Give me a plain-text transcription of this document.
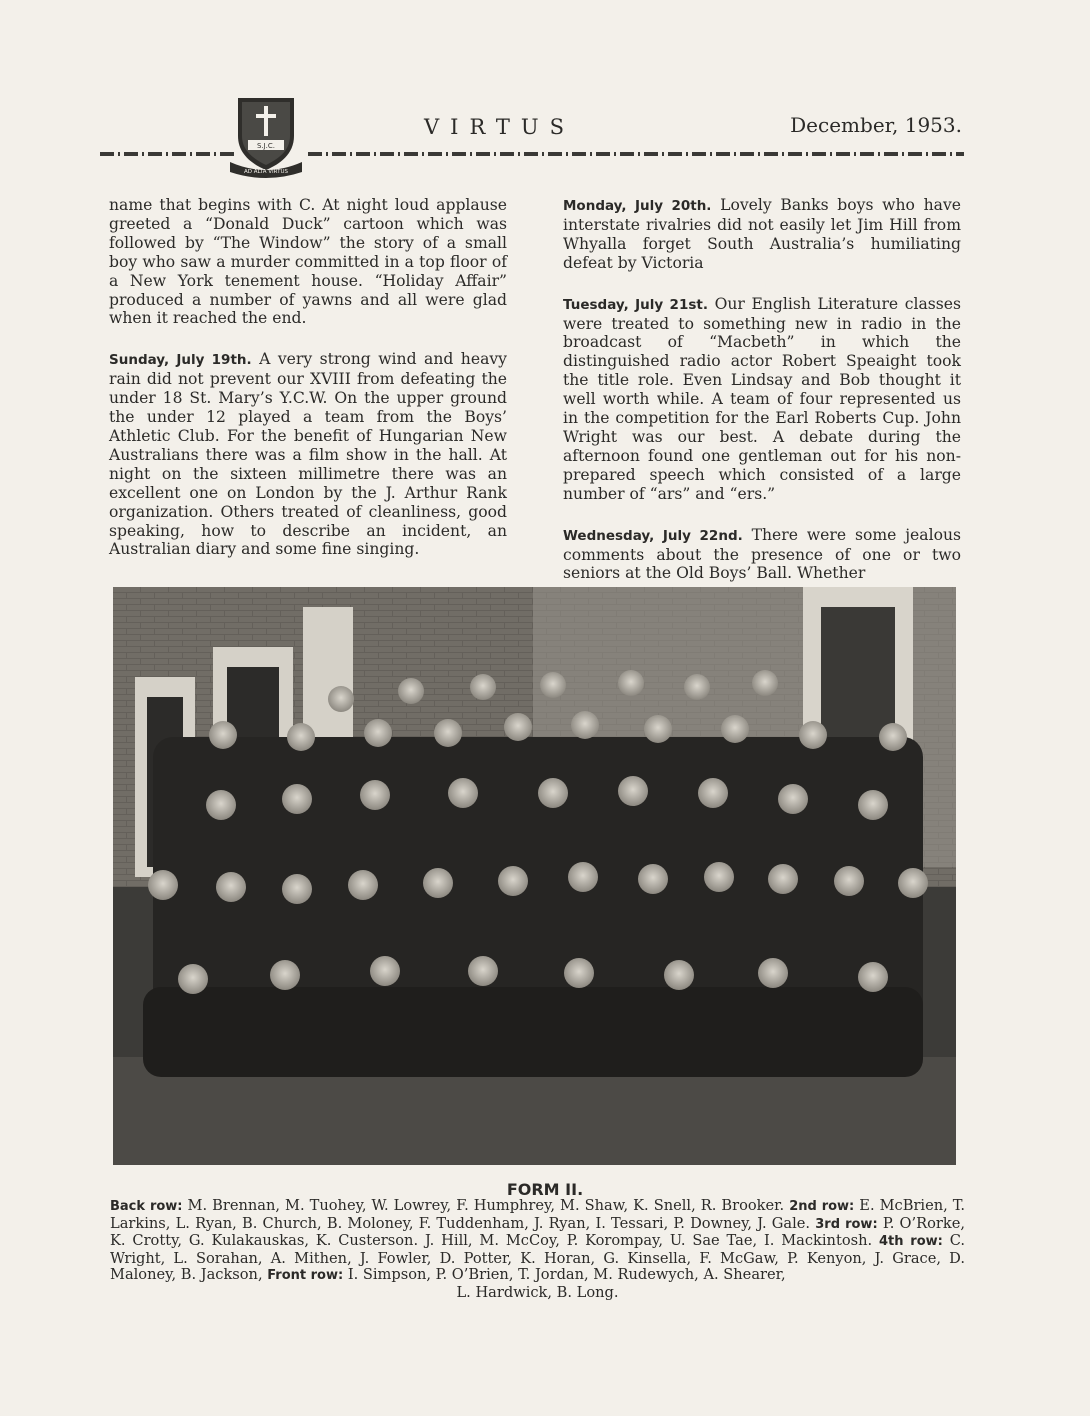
S.J.C.
AD ALTA VIRTUS
VIRTUS	December, 1953.

name that begins with C. At night loud applause greeted a “Donald Duck” cartoon which was followed by “The Window” the story of a small boy who saw a murder committed in a top floor of a New York tenement house. “Holiday Affair” produced a number of yawns and all were glad when it reached the end.

Sunday, July 19th. A very strong wind and heavy rain did not prevent our XVIII from defeating the under 18 St. Mary’s Y.C.W. On the upper ground the under 12 played a team from the Boys’ Athletic Club. For the benefit of Hungarian New Australians there was a film show in the hall. At night on the sixteen millimetre there was an excellent one on London by the J. Arthur Rank organization. Others treated of cleanliness, good speaking, how to describe an incident, an Australian diary and some fine singing.

Monday, July 20th. Lovely Banks boys who have interstate rivalries did not easily let Jim Hill from Whyalla forget South Australia’s humiliating defeat by Victoria

Tuesday, July 21st. Our English Literature classes were treated to something new in radio in the broadcast of “Macbeth” in which the distinguished radio actor Robert Speaight took the title role. Even Lindsay and Bob thought it well worth while. A team of four represented us in the competition for the Earl Roberts Cup. John Wright was our best. A debate during the afternoon found one gentleman out for his non-prepared speech which consisted of a large number of “ars” and “ers.”

Wednesday, July 22nd. There were some jealous comments about the presence of one or two seniors at the Old Boys’ Ball. Whether

FORM II.
Back row: M. Brennan, M. Tuohey, W. Lowrey, F. Humphrey, M. Shaw, K. Snell, R. Brooker. 2nd row: E. McBrien, T. Larkins, L. Ryan, B. Church, B. Moloney, F. Tuddenham, J. Ryan, I. Tessari, P. Downey, J. Gale. 3rd row: P. O’Rorke, K. Crotty, G. Kulakauskas, K. Custerson. J. Hill, M. McCoy, P. Korompay, U. Sae Tae, I. Mackintosh. 4th row: C. Wright, L. Sorahan, A. Mithen, J. Fowler, D. Potter, K. Horan, G. Kinsella, F. McGaw, P. Kenyon, J. Grace, D. Maloney, B. Jackson, Front row: I. Simpson, P. O’Brien, T. Jordan, M. Rudewych, A. Shearer,
L. Hardwick, B. Long.
